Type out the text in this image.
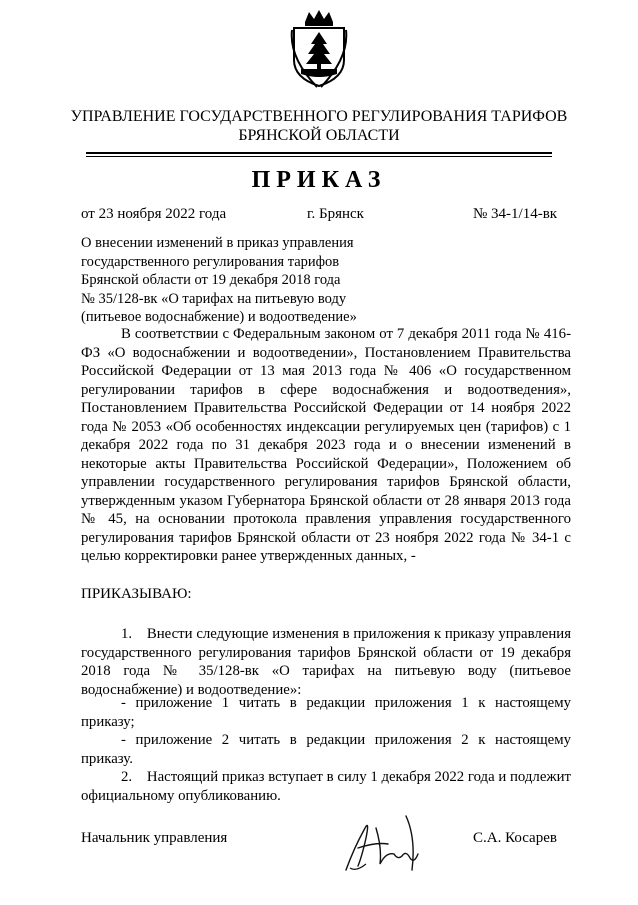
УПРАВЛЕНИЕ ГОСУДАРСТВЕННОГО РЕГУЛИРОВАНИЯ ТАРИФОВ
БРЯНСКОЙ ОБЛАСТИ
ПРИКАЗ
от 23 ноября 2022 года	г. Брянск	№ 34-1/14-вк
О внесении изменений в приказ управления
государственного регулирования тарифов
Брянской области от 19 декабря 2018 года
№ 35/128-вк «О тарифах на питьевую воду
(питьевое водоснабжение) и водоотведение»
В соответствии с Федеральным законом от 7 декабря 2011 года № 416-ФЗ «О водоснабжении и водоотведении», Постановлением Правительства Российской Федерации от 13 мая 2013 года № 406 «О государственном регулировании тарифов в сфере водоснабжения и водоотведения», Постановлением Правительства Российской Федерации от 14 ноября 2022 года № 2053 «Об особенностях индексации регулируемых цен (тарифов) с 1 декабря 2022 года по 31 декабря 2023 года и о внесении изменений в некоторые акты Правительства Российской Федерации», Положением об управлении государственного регулирования тарифов Брянской области, утвержденным указом Губернатора Брянской области от 28 января 2013 года № 45, на основании протокола правления управления государственного регулирования тарифов Брянской области от 23 ноября 2022 года № 34-1 с целью корректировки ранее утвержденных данных, -
ПРИКАЗЫВАЮ:
1. Внести следующие изменения в приложения к приказу управления государственного регулирования тарифов Брянской области от 19 декабря 2018 года № 35/128-вк «О тарифах на питьевую воду (питьевое водоснабжение) и водоотведение»:
- приложение 1 читать в редакции приложения 1 к настоящему приказу;
- приложение 2 читать в редакции приложения 2 к настоящему приказу.
2. Настоящий приказ вступает в силу 1 декабря 2022 года и подлежит официальному опубликованию.
Начальник управления	С.А. Косарев
